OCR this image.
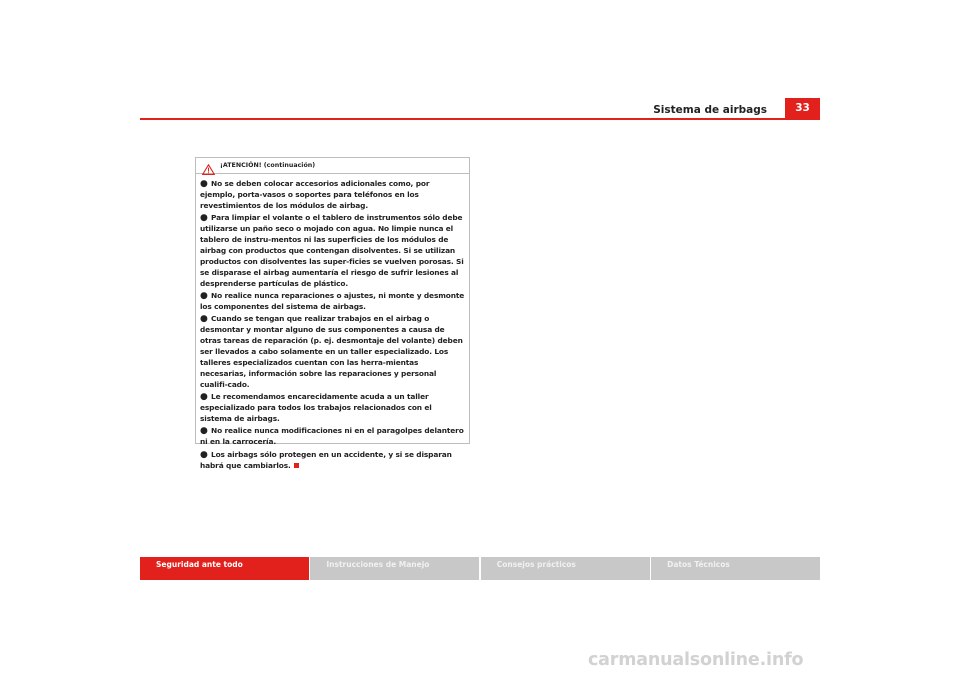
Sistema de airbags	33
¡ATENCIÓN! (continuación)

● No se deben colocar accesorios adicionales como, por ejemplo, porta-vasos o soportes para teléfonos en los revestimientos de los módulos de airbag.

● Para limpiar el volante o el tablero de instrumentos sólo debe utilizarse un paño seco o mojado con agua. No limpie nunca el tablero de instru-mentos ni las superficies de los módulos de airbag con productos que contengan disolventes. Si se utilizan productos con disolventes las super-ficies se vuelven porosas. Si se disparase el airbag aumentaría el riesgo de sufrir lesiones al desprenderse partículas de plástico.

● No realice nunca reparaciones o ajustes, ni monte y desmonte los componentes del sistema de airbags.

● Cuando se tengan que realizar trabajos en el airbag o desmontar y montar alguno de sus componentes a causa de otras tareas de reparación (p. ej. desmontaje del volante) deben ser llevados a cabo solamente en un taller especializado. Los talleres especializados cuentan con las herra-mientas necesarias, información sobre las reparaciones y personal cualifi-cado.

● Le recomendamos encarecidamente acuda a un taller especializado para todos los trabajos relacionados con el sistema de airbags.

● No realice nunca modificaciones ni en el paragolpes delantero ni en la carrocería.

● Los airbags sólo protegen en un accidente, y si se disparan habrá que cambiarlos.

Seguridad ante todo	Instrucciones de Manejo	Consejos prácticos	Datos Técnicos
carmanualsonline.info
